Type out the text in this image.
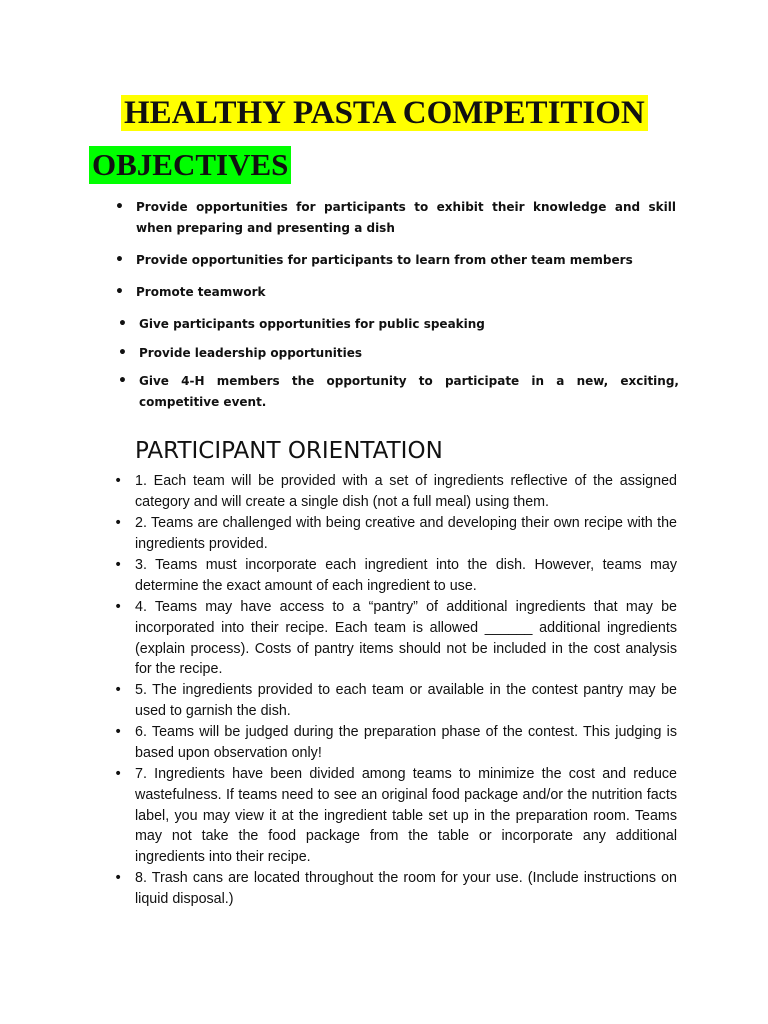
HEALTHY PASTA COMPETITION
OBJECTIVES
• Provide opportunities for participants to exhibit their knowledge and skill when preparing and presenting a dish
• Provide opportunities for participants to learn from other team members
• Promote teamwork
• Give participants opportunities for public speaking
• Provide leadership opportunities
• Give 4-H members the opportunity to participate in a new, exciting, competitive event.
PARTICIPANT ORIENTATION
• 1. Each team will be provided with a set of ingredients reflective of the assigned category and will create a single dish (not a full meal) using them.
• 2. Teams are challenged with being creative and developing their own recipe with the ingredients provided.
• 3. Teams must incorporate each ingredient into the dish. However, teams may determine the exact amount of each ingredient to use.
• 4. Teams may have access to a “pantry” of additional ingredients that may be incorporated into their recipe. Each team is allowed ______ additional ingredients (explain process). Costs of pantry items should not be included in the cost analysis for the recipe.
• 5. The ingredients provided to each team or available in the contest pantry may be used to garnish the dish.
• 6. Teams will be judged during the preparation phase of the contest. This judging is based upon observation only!
• 7. Ingredients have been divided among teams to minimize the cost and reduce wastefulness. If teams need to see an original food package and/or the nutrition facts label, you may view it at the ingredient table set up in the preparation room. Teams may not take the food package from the table or incorporate any additional ingredients into their recipe.
• 8. Trash cans are located throughout the room for your use. (Include instructions on liquid disposal.)
